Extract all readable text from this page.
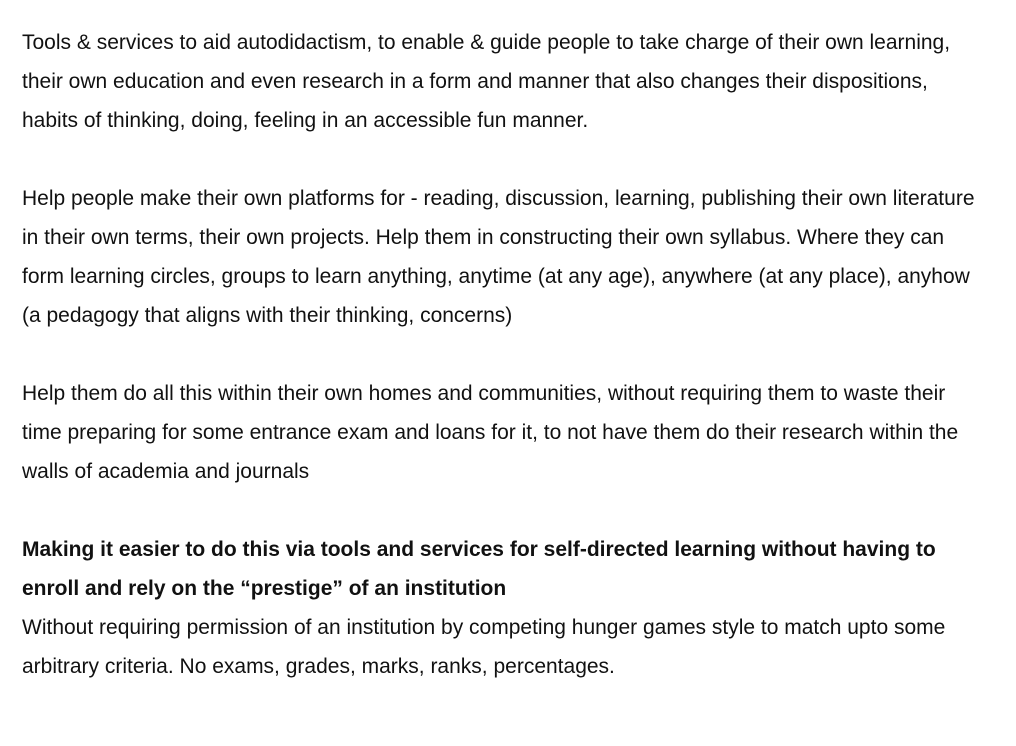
Tools & services to aid autodidactism, to enable & guide people to take charge of their own learning, their own education and even research in a form and manner that also changes their dispositions, habits of thinking, doing, feeling in an accessible fun manner.

Help people make their own platforms for - reading, discussion, learning, publishing their own literature in their own terms, their own projects. Help them in constructing their own syllabus. Where they can form learning circles, groups to learn anything, anytime (at any age), anywhere (at any place), anyhow (a pedagogy that aligns with their thinking, concerns)

Help them do all this within their own homes and communities, without requiring them to waste their time preparing for some entrance exam and loans for it, to not have them do their research within the walls of academia and journals

Making it easier to do this via tools and services for self-directed learning without having to enroll and rely on the “prestige” of an institution

Without requiring permission of an institution by competing hunger games style to match upto some arbitrary criteria. No exams, grades, marks, ranks, percentages.
